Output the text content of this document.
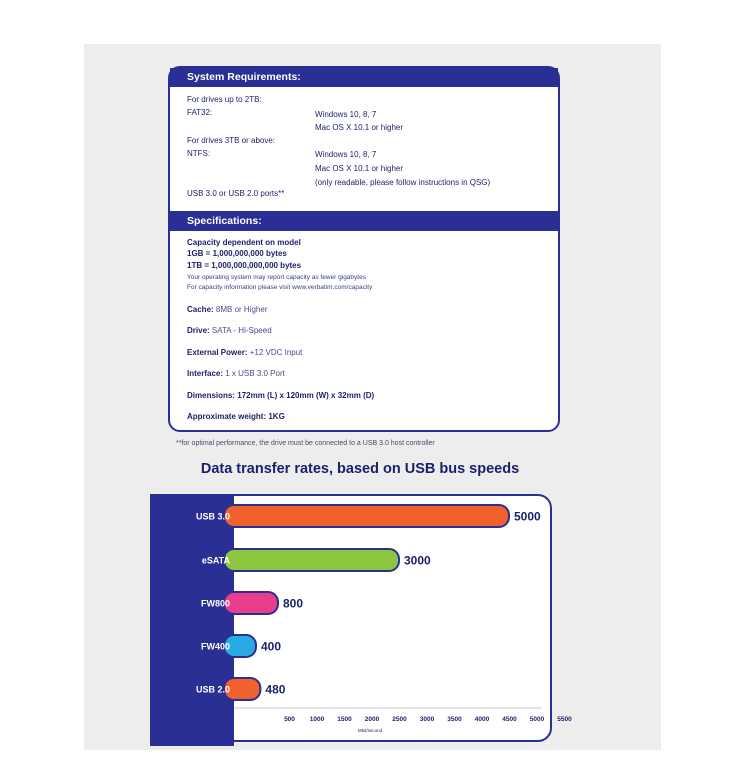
System Requirements:
For drives up to 2TB:
FAT32:	Windows 10, 8, 7
Mac OS X 10.1 or higher
For drives 3TB or above:
NTFS:	Windows 10, 8, 7
Mac OS X 10.1 or higher
(only readable, please follow instructions in QSG)
USB 3.0 or USB 2.0 ports**
Specifications:
Capacity dependent on model
1GB = 1,000,000,000 bytes
1TB = 1,000,000,000,000 bytes
Your operating system may report capacity as fewer gigabytes
For capacity information please visit www.verbatim.com/capacity
Cache: 8MB or Higher
Drive: SATA - Hi-Speed
External Power: +12 VDC Input
Interface: 1 x USB 3.0 Port
Dimensions: 172mm (L) x 120mm (W) x 32mm (D)
Approximate weight: 1KG
**for optimal performance, the drive must be connected to a USB 3.0 host controller
Data transfer rates, based on USB bus speeds
USB 3.0	5000
eSATA	3000
FW800	800
FW400	400
USB 2.0	480
500 1000 1500 2000 2500 3000 3500 4000 4500 5000 5500
Mbit/second
